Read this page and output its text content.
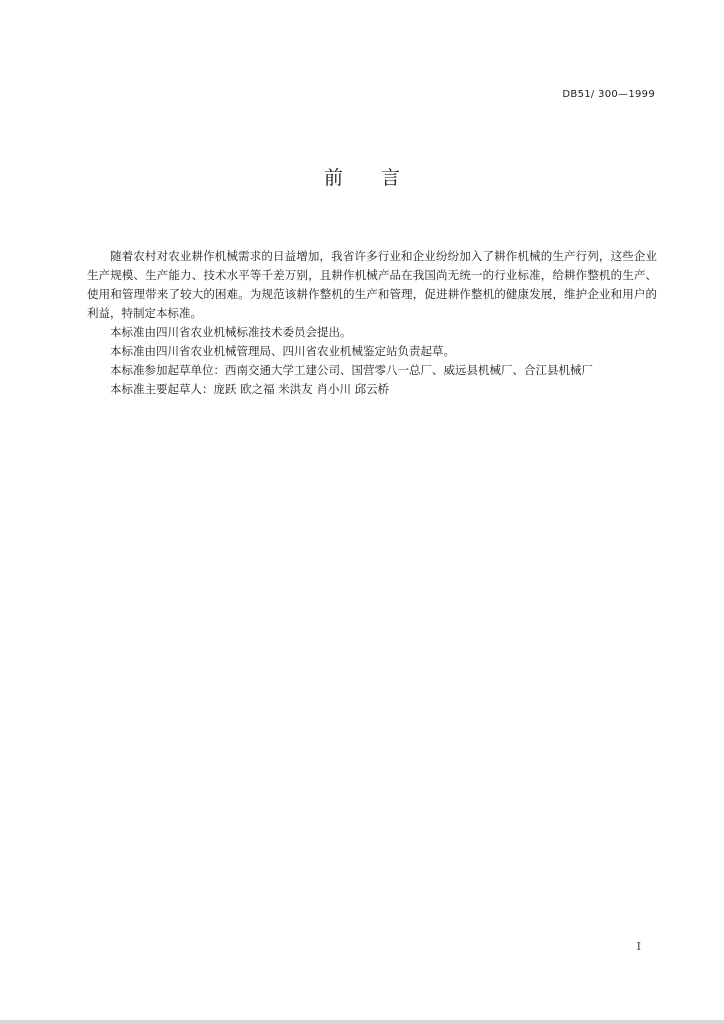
DB51/ 300—1999
前言

随着农村对农业耕作机械需求的日益增加，我省许多行业和企业纷纷加入了耕作机械的生产行列，这些企业生产规模、生产能力、技术水平等千差万别，且耕作机械产品在我国尚无统一的行业标准，给耕作整机的生产、使用和管理带来了较大的困难。为规范该耕作整机的生产和管理，促进耕作整机的健康发展，维护企业和用户的利益，特制定本标准。

本标准由四川省农业机械标准技术委员会提出。

本标准由四川省农业机械管理局、四川省农业机械鉴定站负责起草。

本标准参加起草单位：西南交通大学工建公司、国营零八一总厂、威远县机械厂、合江县机械厂

本标准主要起草人：庞跃 欧之福 米洪友 肖小川 邱云桥

I
